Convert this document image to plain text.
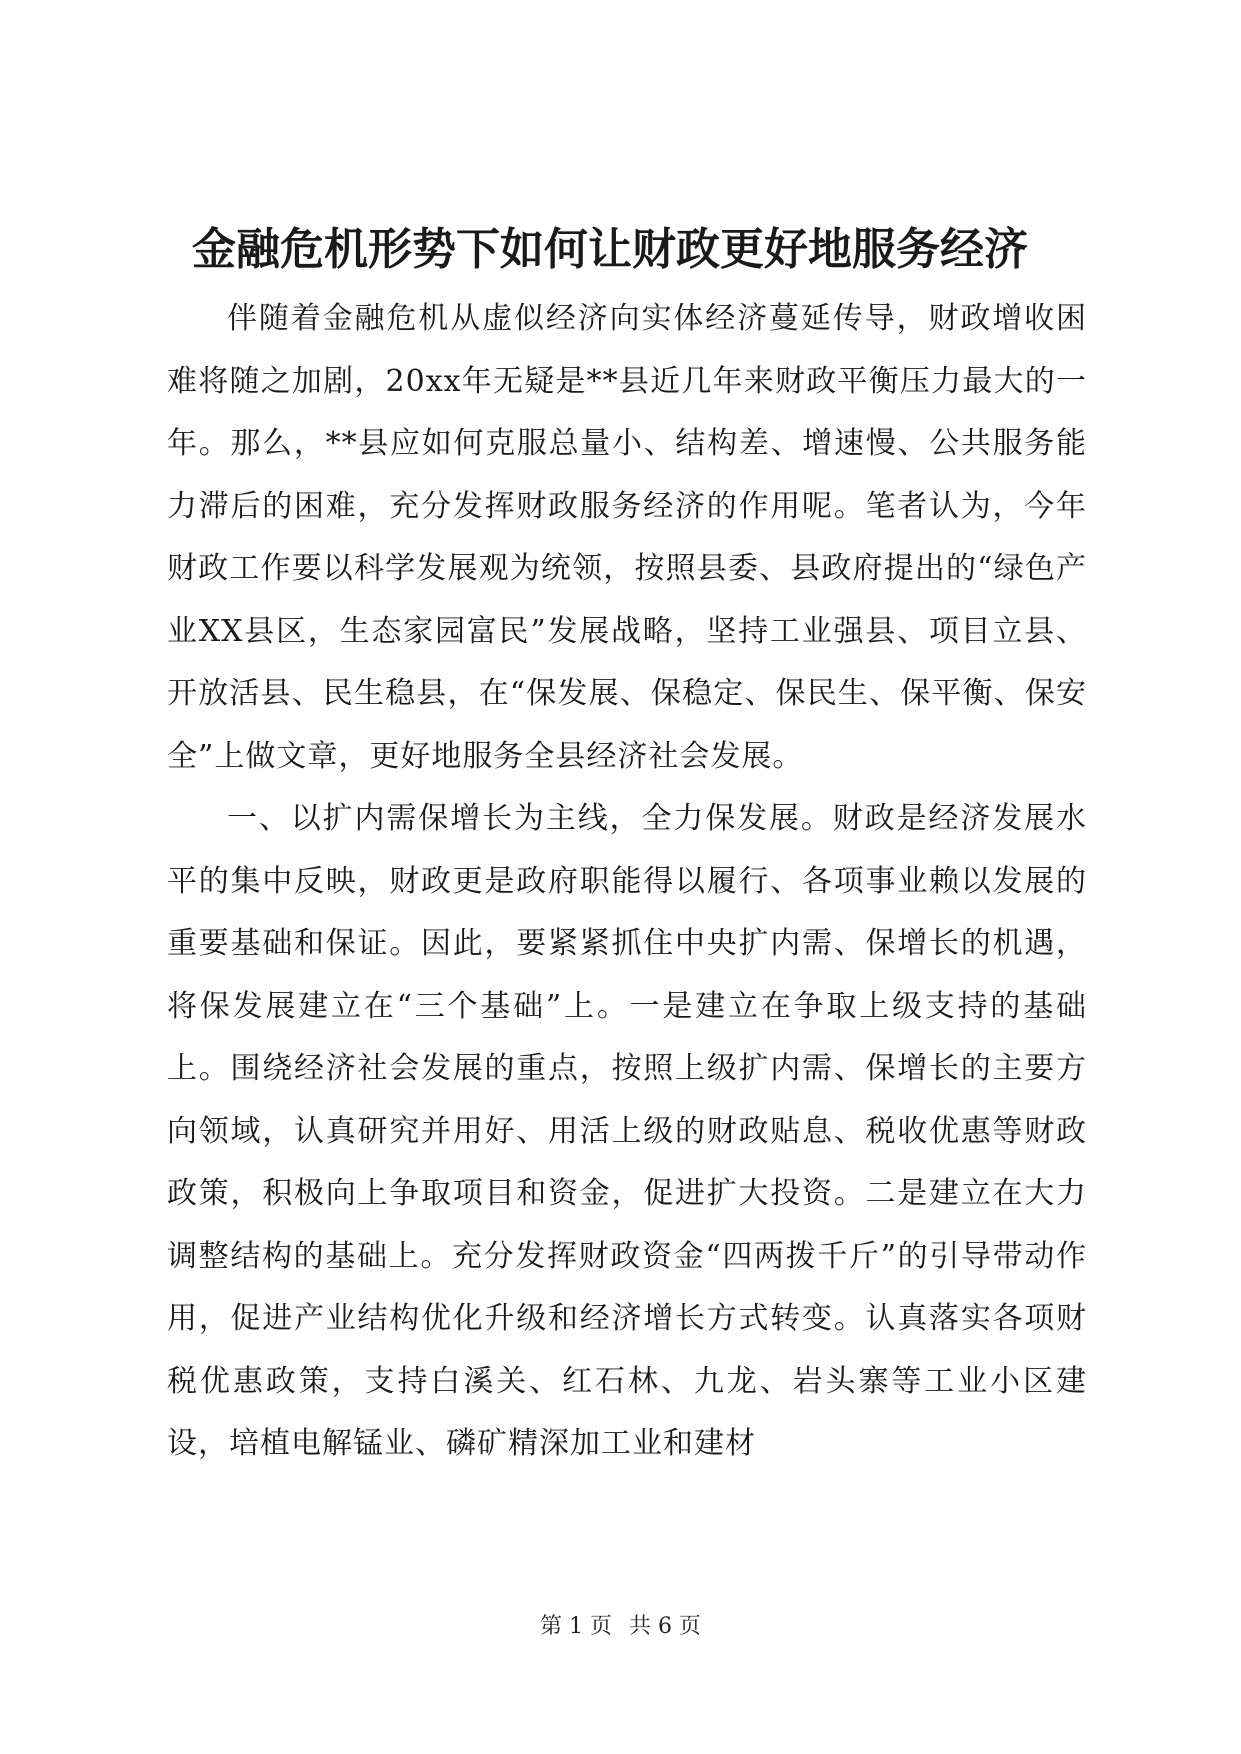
金融危机形势下如何让财政更好地服务经济

伴随着金融危机从虚似经济向实体经济蔓延传导，财政增收困难将随之加剧，20xx年无疑是**县近几年来财政平衡压力最大的一年。那么，**县应如何克服总量小、结构差、增速慢、公共服务能力滞后的困难，充分发挥财政服务经济的作用呢。笔者认为，今年财政工作要以科学发展观为统领，按照县委、县政府提出的“绿色产业XX县区，生态家园富民”发展战略，坚持工业强县、项目立县、开放活县、民生稳县，在“保发展、保稳定、保民生、保平衡、保安全”上做文章，更好地服务全县经济社会发展。

一、以扩内需保增长为主线，全力保发展。财政是经济发展水平的集中反映，财政更是政府职能得以履行、各项事业赖以发展的重要基础和保证。因此，要紧紧抓住中央扩内需、保增长的机遇，将保发展建立在“三个基础”上。一是建立在争取上级支持的基础上。围绕经济社会发展的重点，按照上级扩内需、保增长的主要方向领域，认真研究并用好、用活上级的财政贴息、税收优惠等财政政策，积极向上争取项目和资金，促进扩大投资。二是建立在大力调整结构的基础上。充分发挥财政资金“四两拨千斤”的引导带动作用，促进产业结构优化升级和经济增长方式转变。认真落实各项财税优惠政策，支持白溪关、红石林、九龙、岩头寨等工业小区建设，培植电解锰业、磷矿精深加工业和建材

第 1 页 共 6 页
